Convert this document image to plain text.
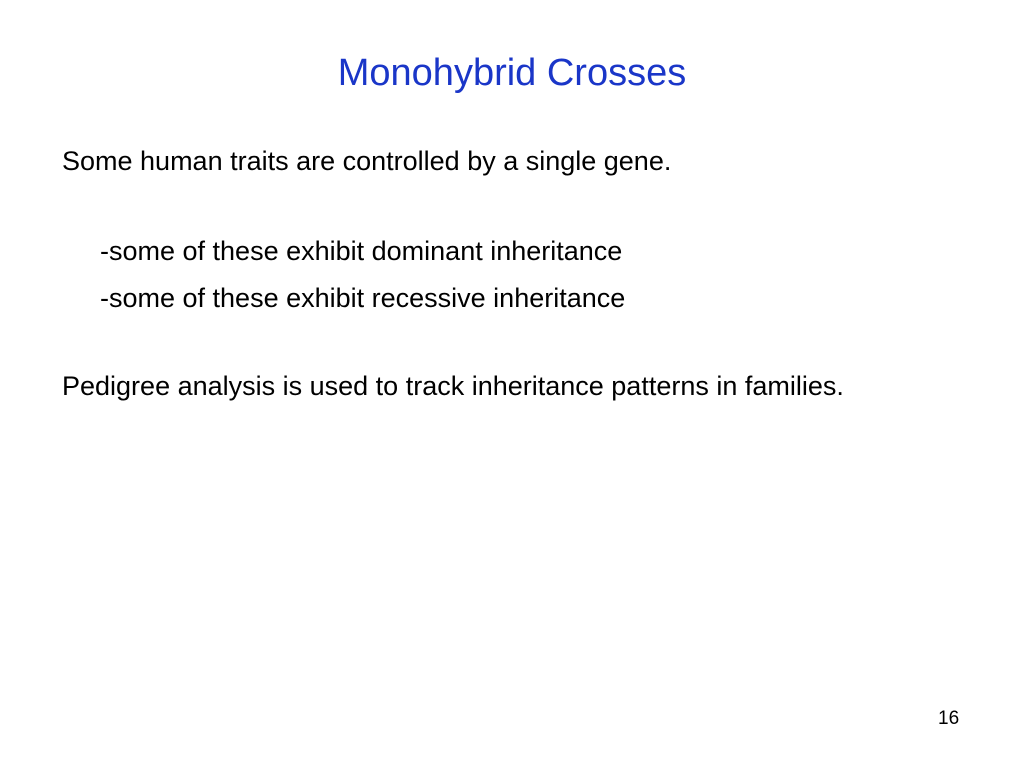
Monohybrid Crosses
Some human traits are controlled by a single gene.
-some of these exhibit dominant inheritance
-some of these exhibit recessive inheritance
Pedigree analysis is used to track inheritance patterns in families.
16
